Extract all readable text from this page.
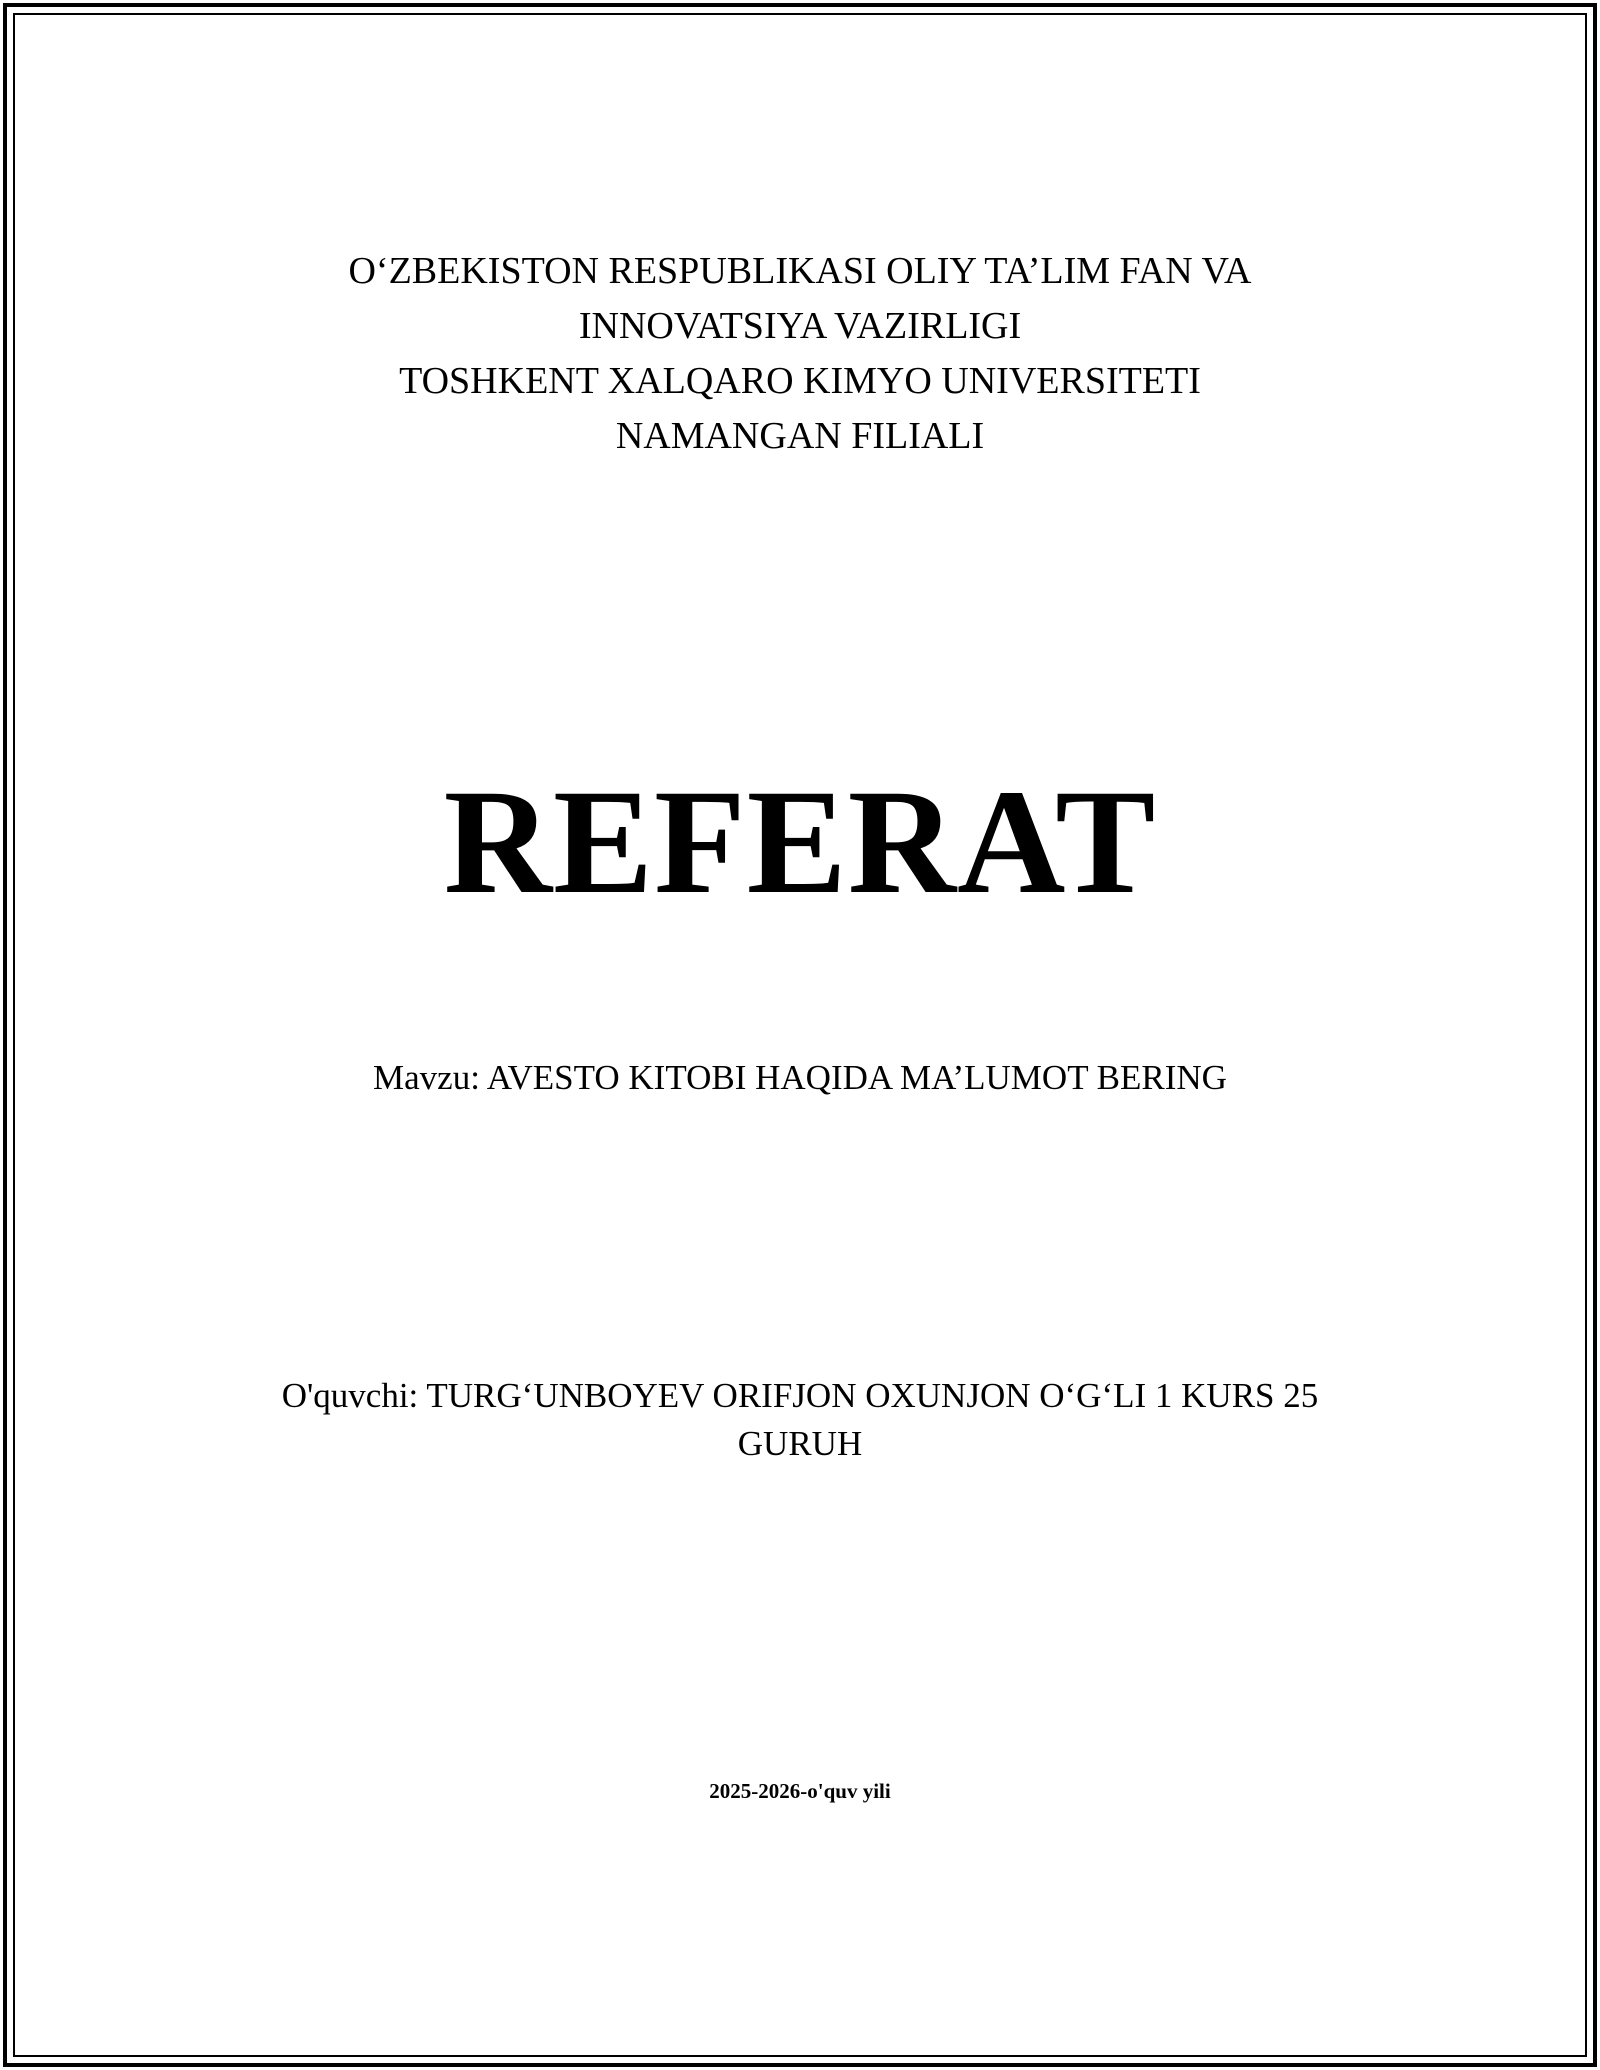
O‘ZBEKISTON RESPUBLIKASI OLIY TA’LIM FAN VA
INNOVATSIYA VAZIRLIGI
TOSHKENT XALQARO KIMYO UNIVERSITETI
NAMANGAN FILIALI
REFERAT
Mavzu: AVESTO KITOBI HAQIDA MA’LUMOT BERING
O'quvchi: TURG‘UNBOYEV ORIFJON OXUNJON O‘G‘LI 1 KURS 25
GURUH
2025-2026-o'quv yili
